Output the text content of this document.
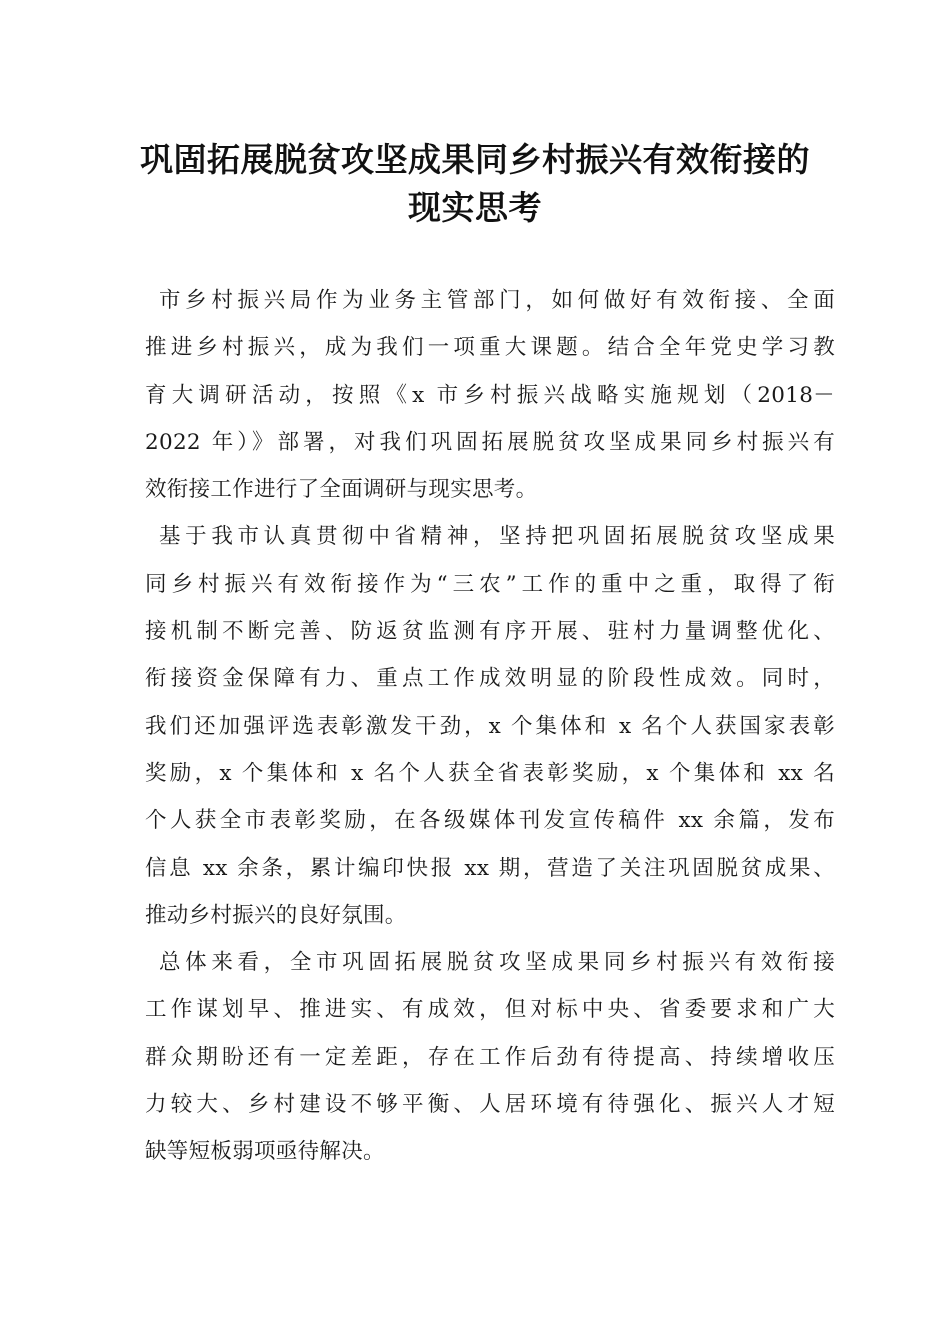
巩固拓展脱贫攻坚成果同乡村振兴有效衔接的
现实思考
市乡村振兴局作为业务主管部门，如何做好有效衔接、全面
推进乡村振兴，成为我们一项重大课题。结合全年党史学习教
育大调研活动，按照《x 市乡村振兴战略实施规划（2018－
2022 年）》部署，对我们巩固拓展脱贫攻坚成果同乡村振兴有
效衔接工作进行了全面调研与现实思考。
基于我市认真贯彻中省精神，坚持把巩固拓展脱贫攻坚成果
同乡村振兴有效衔接作为“三农”工作的重中之重，取得了衔
接机制不断完善、防返贫监测有序开展、驻村力量调整优化、
衔接资金保障有力、重点工作成效明显的阶段性成效。同时，
我们还加强评选表彰激发干劲，x 个集体和 x 名个人获国家表彰
奖励，x 个集体和 x 名个人获全省表彰奖励，x 个集体和 xx 名
个人获全市表彰奖励，在各级媒体刊发宣传稿件 xx 余篇，发布
信息 xx 余条，累计编印快报 xx 期，营造了关注巩固脱贫成果、
推动乡村振兴的良好氛围。
总体来看，全市巩固拓展脱贫攻坚成果同乡村振兴有效衔接
工作谋划早、推进实、有成效，但对标中央、省委要求和广大
群众期盼还有一定差距，存在工作后劲有待提高、持续增收压
力较大、乡村建设不够平衡、人居环境有待强化、振兴人才短
缺等短板弱项亟待解决。
